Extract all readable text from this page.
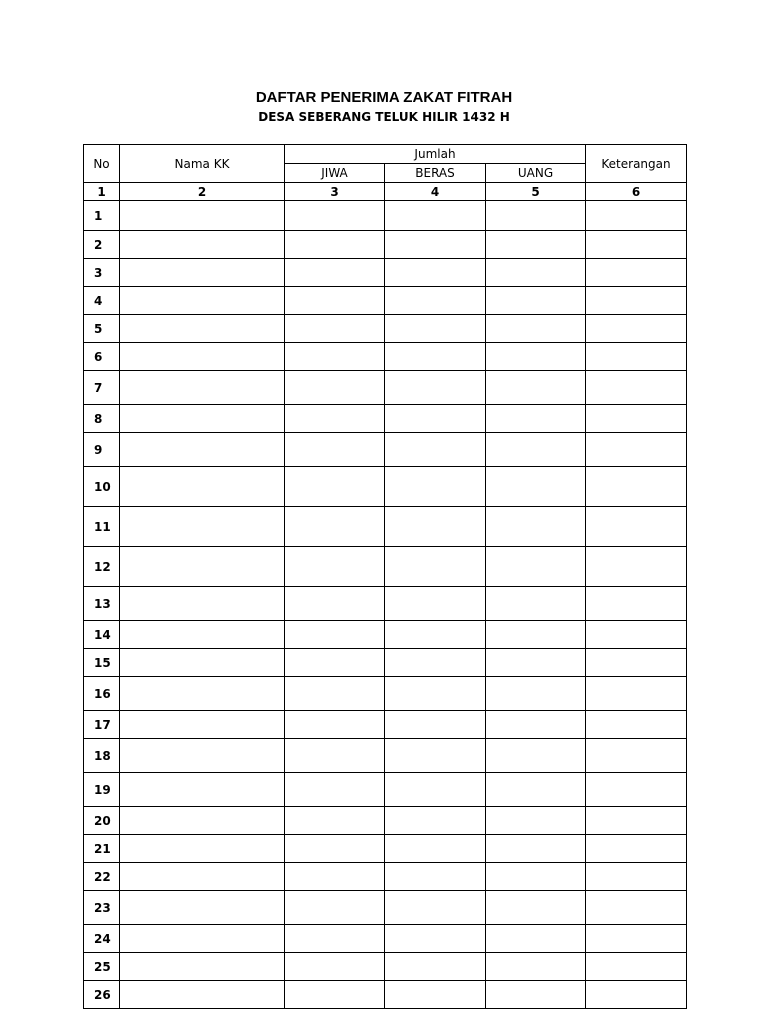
DAFTAR PENERIMA ZAKAT FITRAH
DESA SEBERANG TELUK HILIR 1432 H
No	Nama KK	Jumlah			Keterangan
		JIWA	BERAS	UANG	
1	2	3	4	5	6
1					
2					
3					
4					
5					
6					
7					
8					
9					
10					
11					
12					
13					
14					
15					
16					
17					
18					
19					
20					
21					
22					
23					
24					
25					
26					
